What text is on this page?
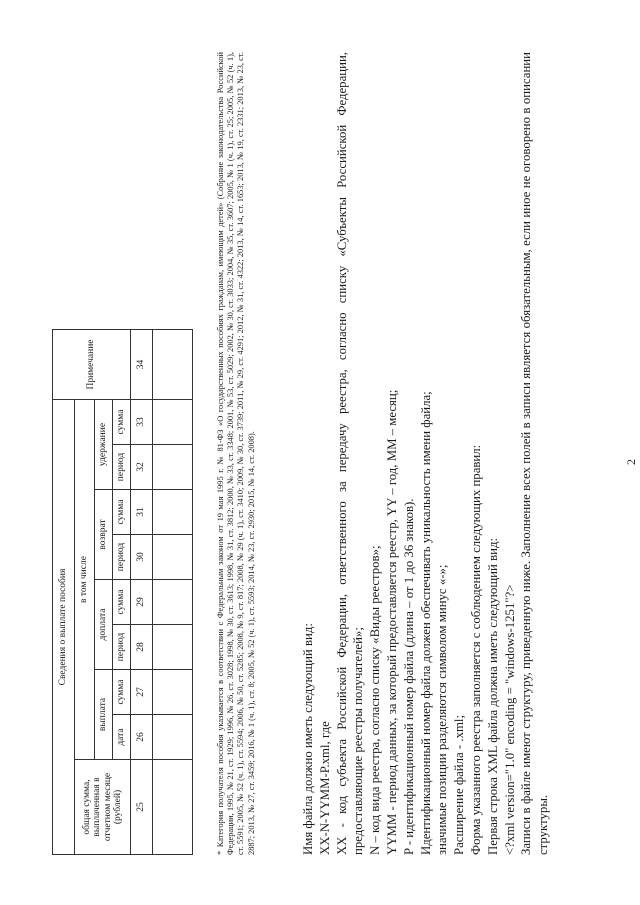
Сведения о выплате пособия									Примечание
общая сумма, выплаченная в отчетном месяце (рублей)	в том числе								
	выплата		доплата		возврат		удержание		
	дата	сумма	период	сумма	период	сумма	период	сумма	
25	26	27	28	29	30	31	32	33	34
										* Категория получателя пособия указывается в соответствии с Федеральным законом от 19 мая 1995 г. № 81-ФЗ «О государственных пособиях гражданам, имеющим детей» (Собрание законодательства Российской Федерации, 1995, № 21, ст. 1929; 1996, № 26, ст. 3028; 1998, № 30, ст. 3613; 1998, № 31, ст. 3812; 2000, № 33, ст. 3348; 2001, № 53, ст. 5029; 2002, № 30, ст. 3033; 2004, № 35, ст. 3607; 2005, № 1 (ч. 1), ст. 25; 2005, № 52 (ч. 1), ст. 5591; 2005, № 52 (ч. 1), ст. 5594; 2006, № 50, ст. 5285; 2008, № 9, ст. 817; 2008, № 29 (ч. 1), ст. 3410; 2009, № 30, ст. 3739; 2011, № 29, ст. 4291; 2012, № 31, ст. 4322; 2013, № 14, ст. 1653; 2013, № 19, ст. 2331; 2013, № 23, ст. 2887; 2013, № 27, ст. 3459; 2016, № 1 (ч. 1), ст. 8; 2005, № 52 (ч. 1), ст. 5593; 2014, № 23, ст. 2930; 2015, № 14, ст. 2008).	Имя файла должно иметь следующий вид: XX-N-YYMM-P.xml, где XX - код субъекта Российской Федерации, ответственного за передачу реестра, согласно списку «Субъекты Российской Федерации, предоставляющие реестры получателей»; N – код вида реестра, согласно списку «Виды реестров»; YYMM - период данных, за который предоставляется реестр, YY – год, MM – месяц; P - идентификационный номер файла (длина – от 1 до 36 знаков). Идентификационный номер файла должен обеспечивать уникальность имени файла; значимые позиции разделяются символом минус «-»; Расширение файла - .xml; Форма указанного реестра заполняется с соблюдением следующих правил: Первая строка XML файла должна иметь следующий вид: <?xml version="1.0" encoding = "windows-1251"?> Записи в файле имеют структуру, приведенную ниже. Заполнение всех полей в записи является обязательным, если иное не оговорено в описании структуры.

2
